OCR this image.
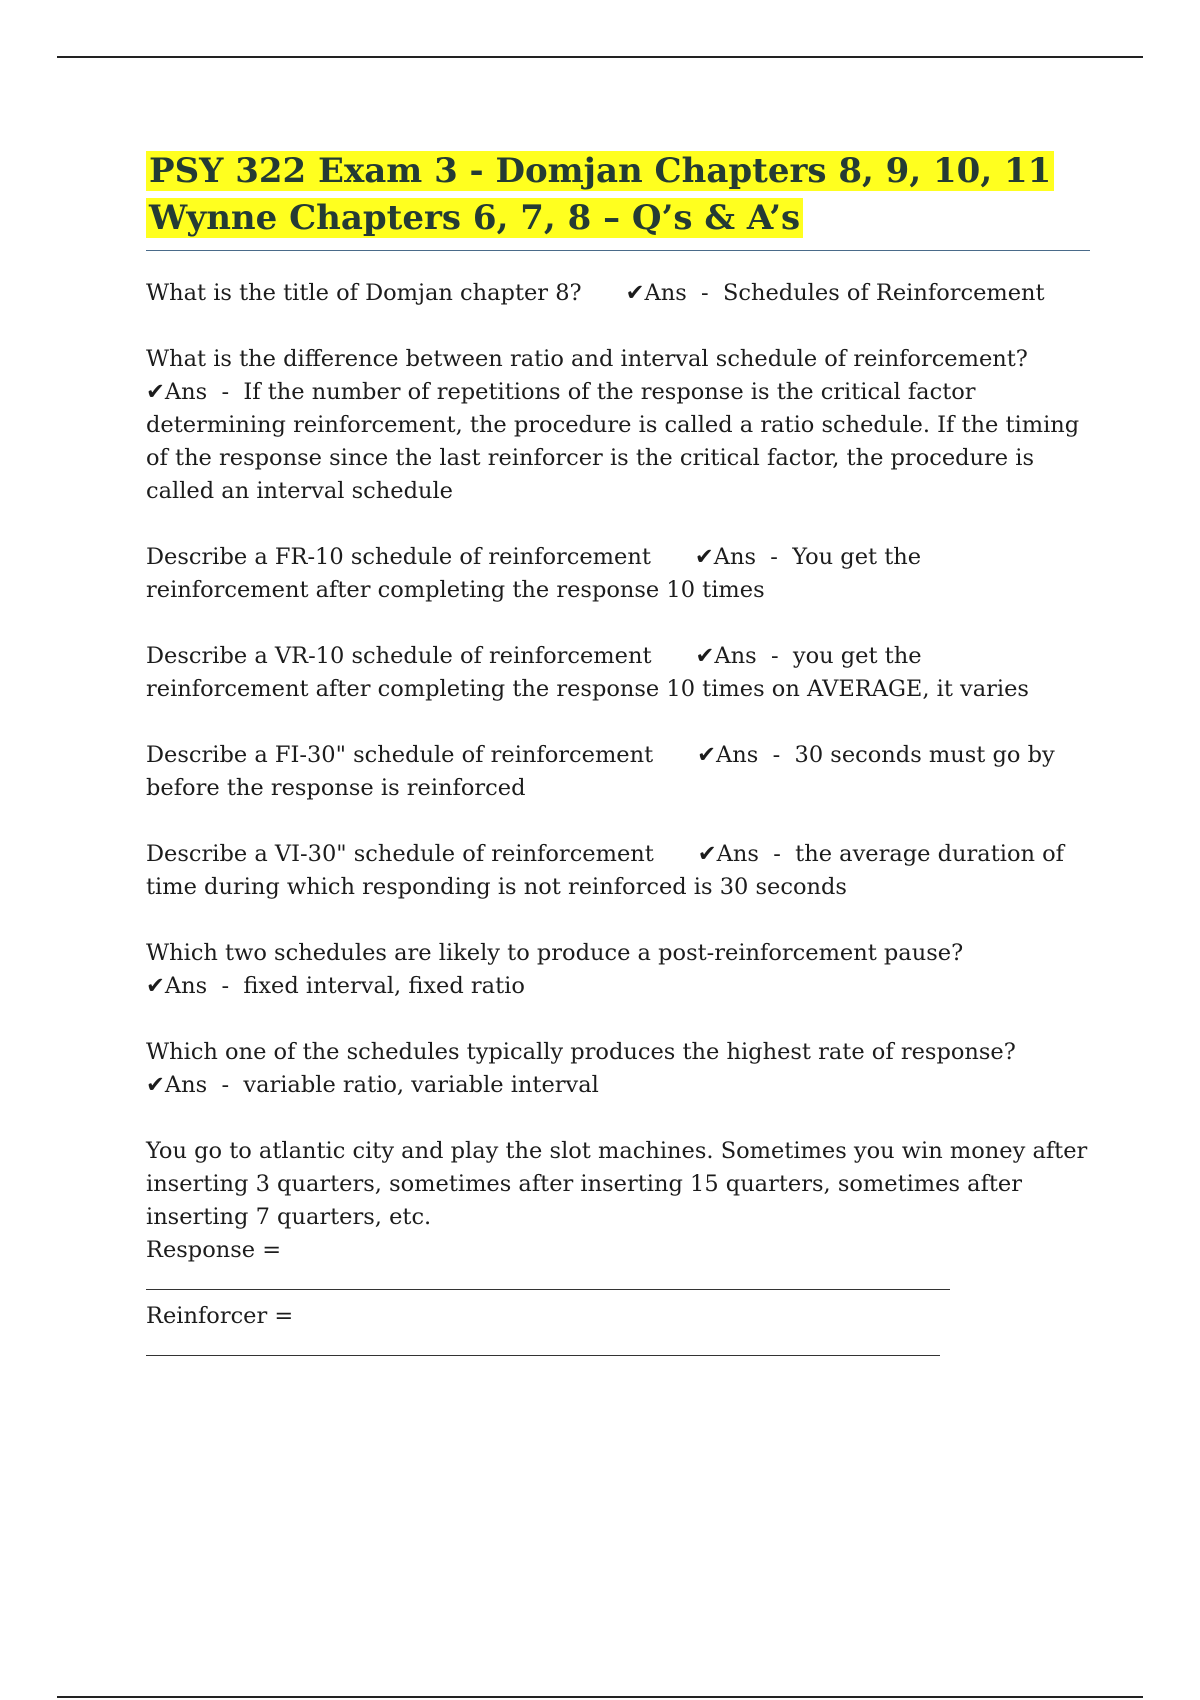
PSY 322 Exam 3 - Domjan Chapters 8, 9, 10, 11
Wynne Chapters 6, 7, 8 – Q’s & A’s

What is the title of Domjan chapter 8? ✔Ans  -  Schedules of Reinforcement

What is the difference between ratio and interval schedule of reinforcement?
✔Ans  -  If the number of repetitions of the response is the critical factor determining reinforcement, the procedure is called a ratio schedule. If the timing of the response since the last reinforcer is the critical factor, the procedure is called an interval schedule

Describe a FR-10 schedule of reinforcement ✔Ans  -  You get the reinforcement after completing the response 10 times

Describe a VR-10 schedule of reinforcement ✔Ans  -  you get the reinforcement after completing the response 10 times on AVERAGE, it varies

Describe a FI-30" schedule of reinforcement ✔Ans  -  30 seconds must go by before the response is reinforced

Describe a VI-30" schedule of reinforcement ✔Ans  -  the average duration of time during which responding is not reinforced is 30 seconds

Which two schedules are likely to produce a post-reinforcement pause?
✔Ans  -  fixed interval, fixed ratio

Which one of the schedules typically produces the highest rate of response?
✔Ans  -  variable ratio, variable interval

You go to atlantic city and play the slot machines. Sometimes you win money after inserting 3 quarters, sometimes after inserting 15 quarters, sometimes after inserting 7 quarters, etc.
Response =
Reinforcer =
